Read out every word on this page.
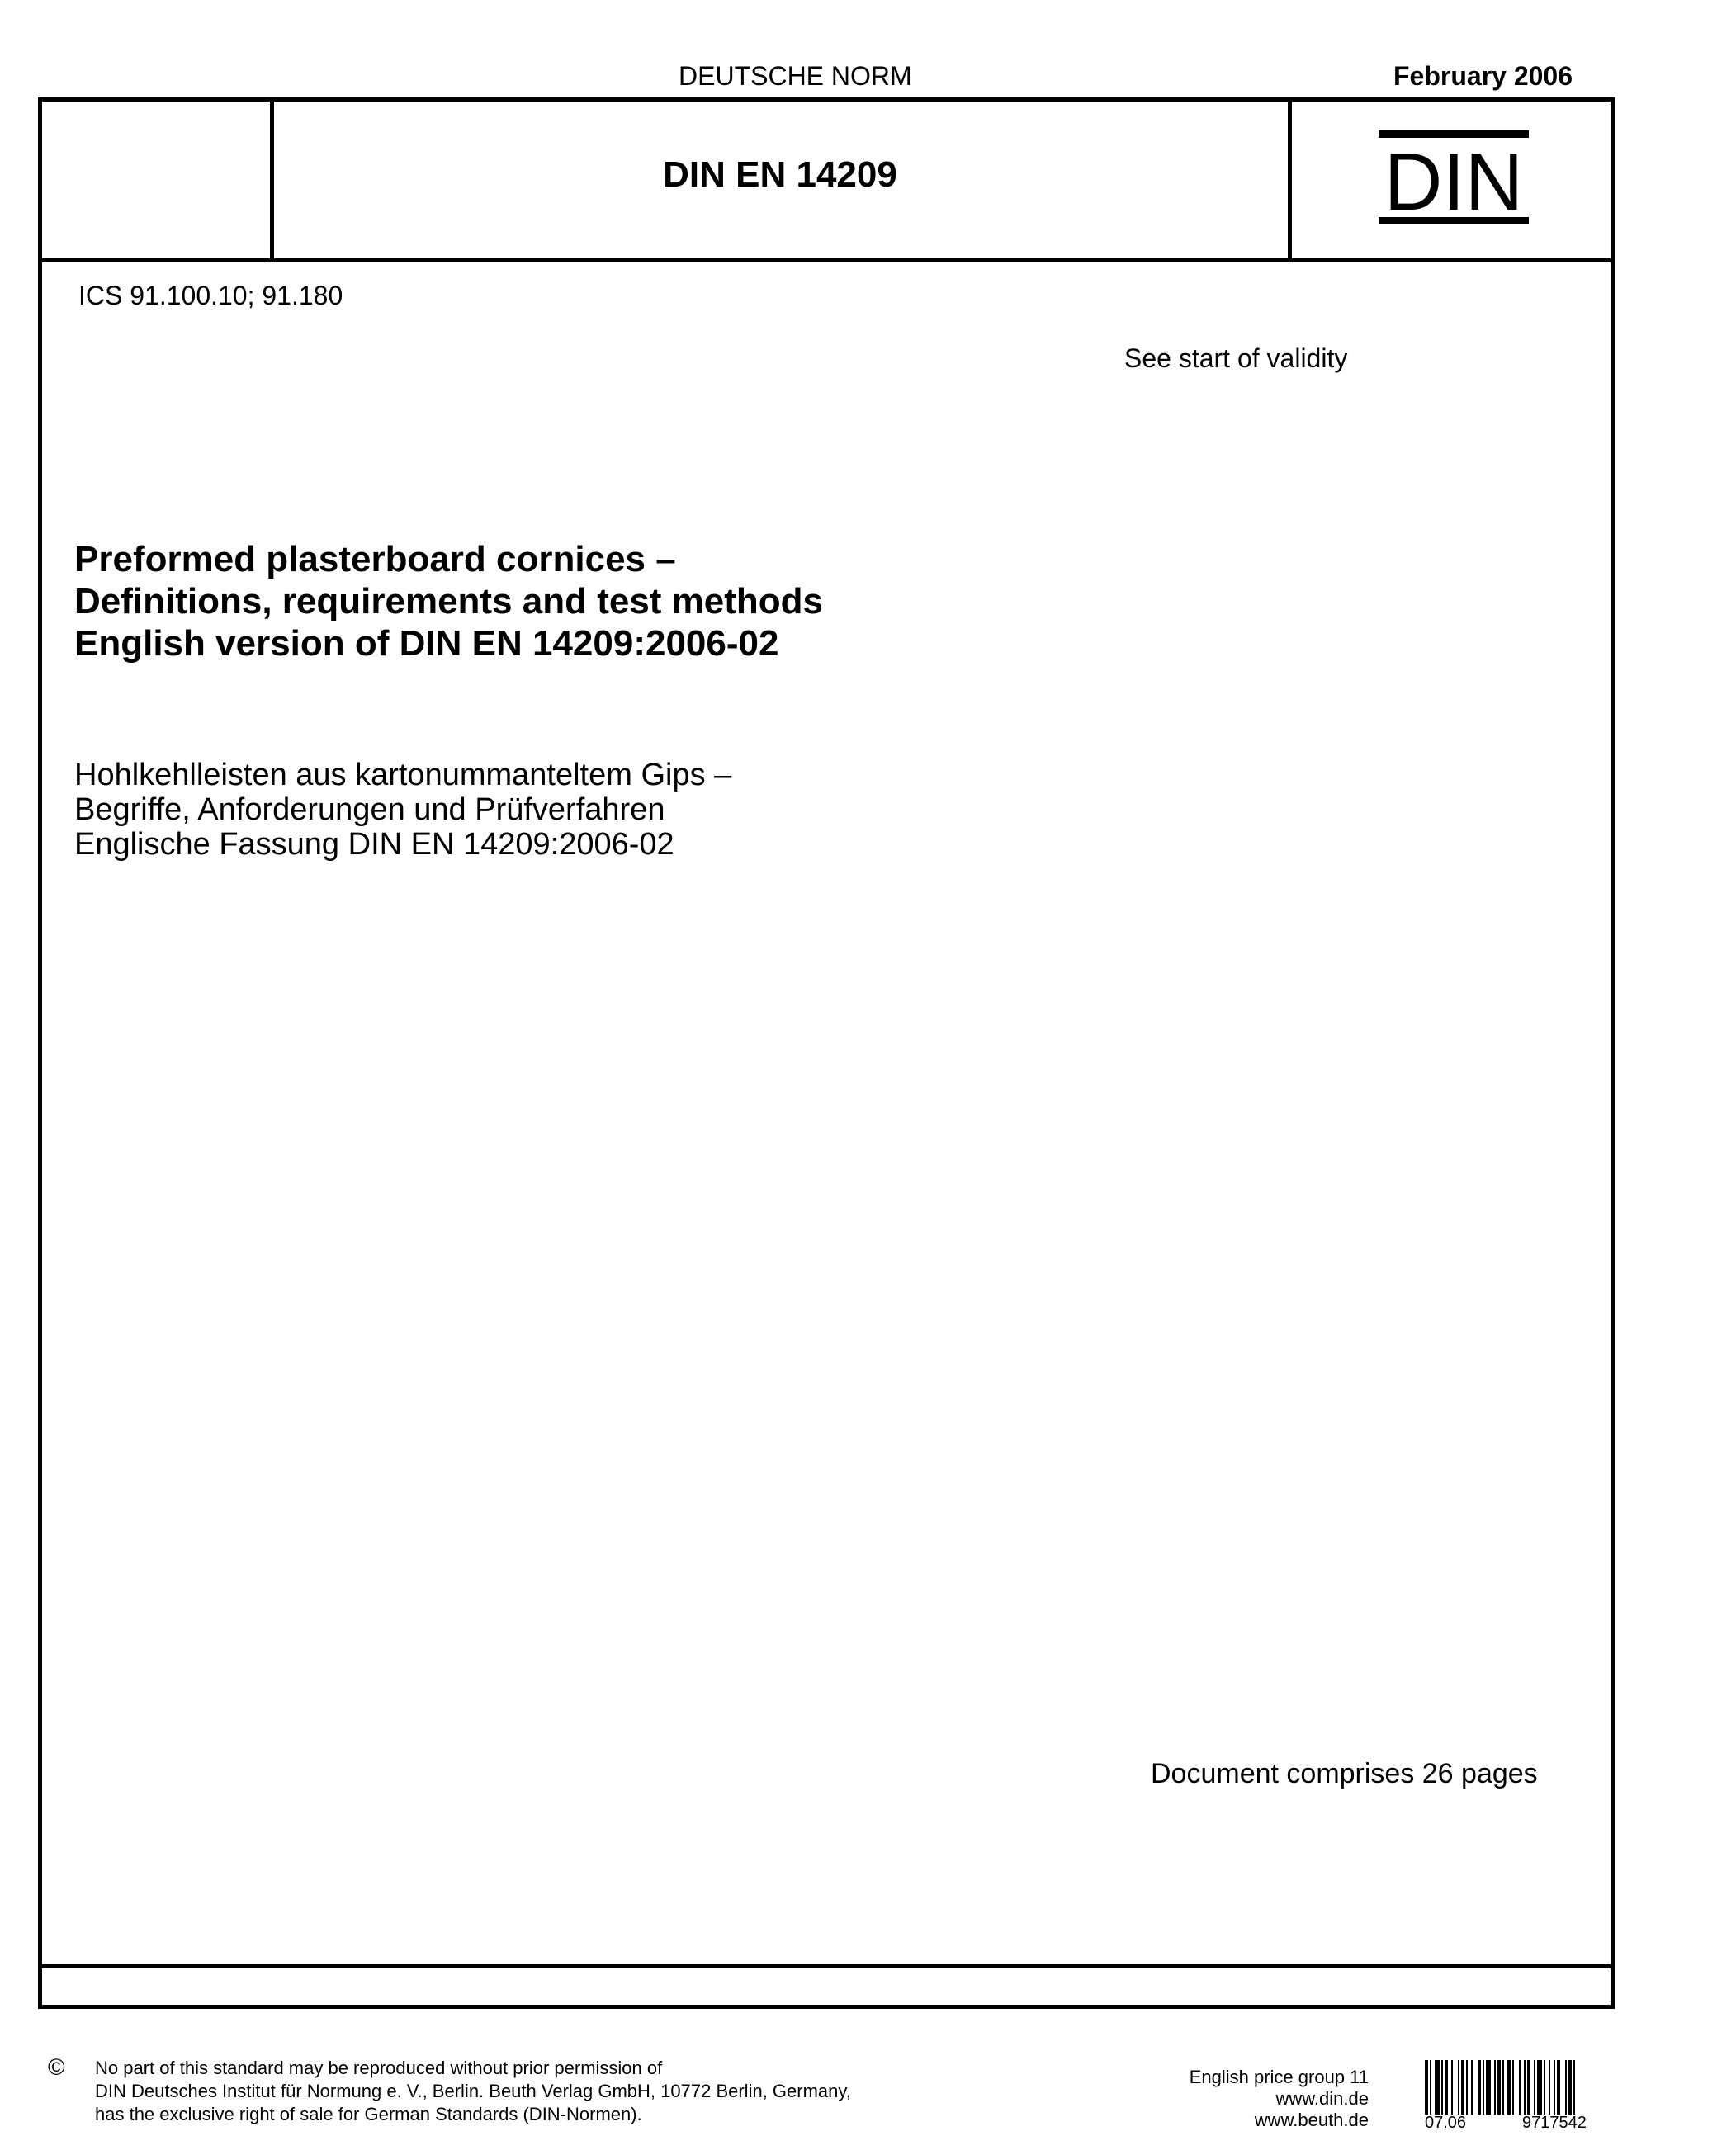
DEUTSCHE NORM	February 2006
DIN EN 14209	DIN
ICS 91.100.10; 91.180
See start of validity
Preformed plasterboard cornices –
Definitions, requirements and test methods
English version of DIN EN 14209:2006-02
Hohlkehlleisten aus kartonummanteltem Gips –
Begriffe, Anforderungen und Prüfverfahren
Englische Fassung DIN EN 14209:2006-02
Document comprises 26 pages
© No part of this standard may be reproduced without prior permission of
DIN Deutsches Institut für Normung e. V., Berlin. Beuth Verlag GmbH, 10772 Berlin, Germany,
has the exclusive right of sale for German Standards (DIN-Normen).
English price group 11
www.din.de
www.beuth.de	07.06	9717542
